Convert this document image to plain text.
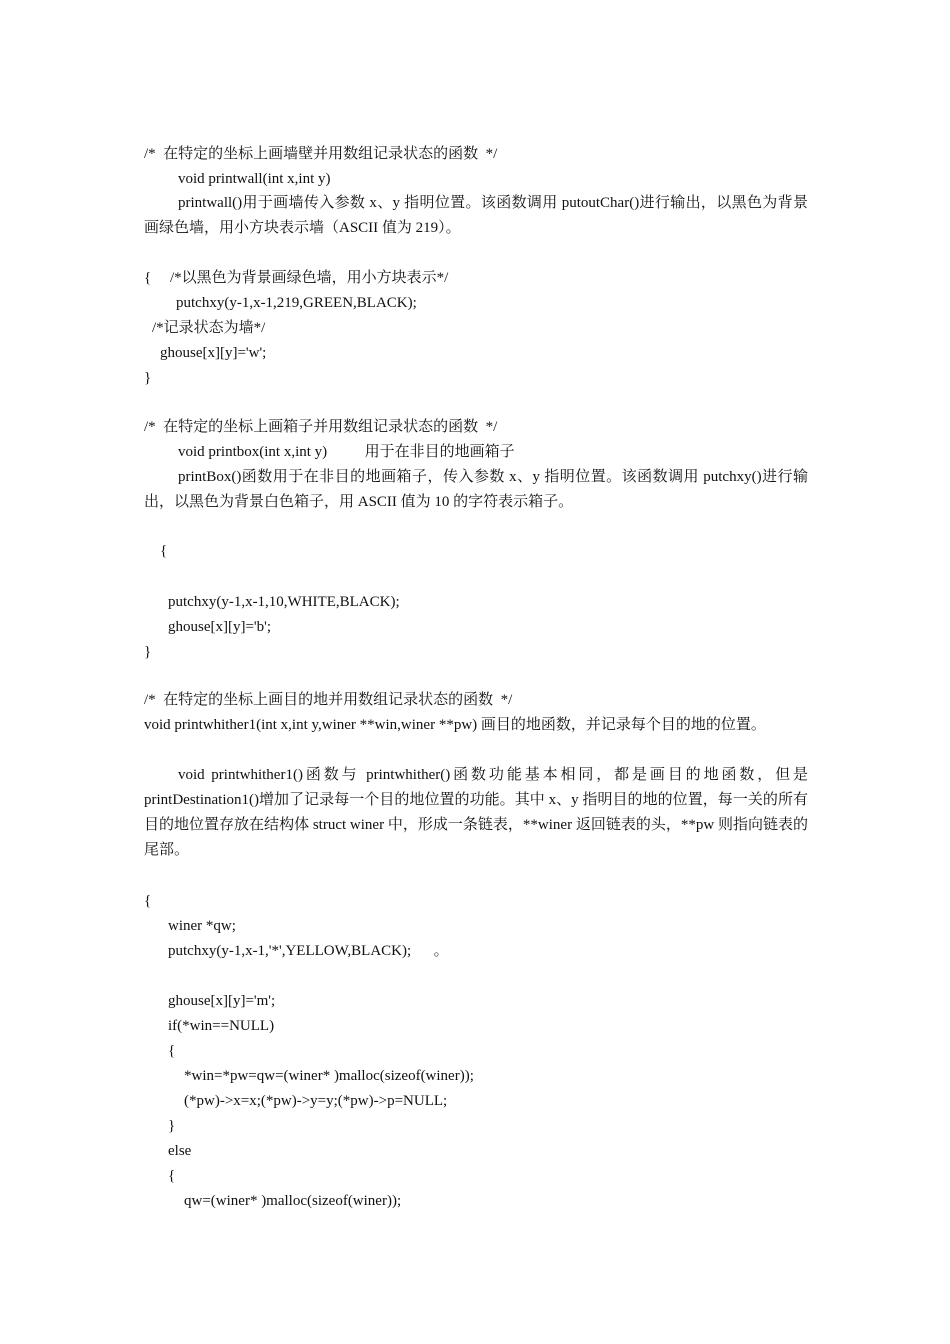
/*  在特定的坐标上画墙壁并用数组记录状态的函数  */
void printwall(int x,int y)
printwall()用于画墙传入参数 x、y 指明位置。该函数调用 putoutChar()进行输出，以黑色为背景画绿色墙，用小方块表示墙（ASCII 值为 219）。
{     /*以黑色为背景画绿色墙，用小方块表示*/
putchxy(y-1,x-1,219,GREEN,BLACK);
/*记录状态为墙*/
ghouse[x][y]='w';
}
/*  在特定的坐标上画箱子并用数组记录状态的函数  */
void printbox(int x,int y)          用于在非目的地画箱子
printBox()函数用于在非目的地画箱子，传入参数 x、y 指明位置。该函数调用 putchxy()进行输出，以黑色为背景白色箱子，用 ASCII 值为 10 的字符表示箱子。
{
putchxy(y-1,x-1,10,WHITE,BLACK);
ghouse[x][y]='b';
}
/*  在特定的坐标上画目的地并用数组记录状态的函数  */
void printwhither1(int x,int y,winer **win,winer **pw) 画目的地函数，并记录每个目的地的位置。
void printwhither1()函数与 printwhither()函数功能基本相同，都是画目的地函数，但是 printDestination1()增加了记录每一个目的地位置的功能。其中 x、y 指明目的地的位置，每一关的所有目的地位置存放在结构体 struct winer 中，形成一条链表，**winer 返回链表的头，**pw 则指向链表的尾部。
{
winer *qw;
putchxy(y-1,x-1,'*',YELLOW,BLACK);      。
ghouse[x][y]='m';
if(*win==NULL)
{
*win=*pw=qw=(winer* )malloc(sizeof(winer));
(*pw)->x=x;(*pw)->y=y;(*pw)->p=NULL;
}
else
{
qw=(winer* )malloc(sizeof(winer));
